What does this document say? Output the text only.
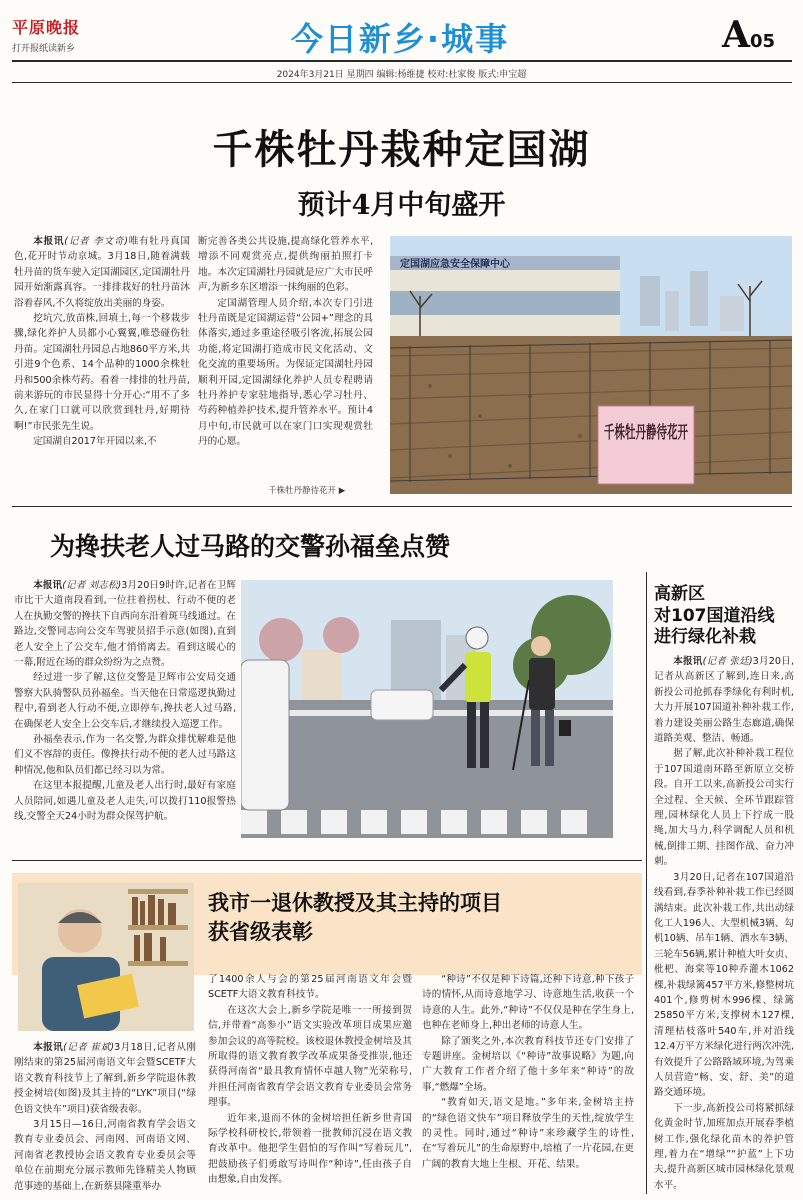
平原晚报
打开报纸读新乡	今日新乡·城事	A05
2024年3月21日 星期四 编辑:杨维捷 校对:杜家俊 版式:申宝超
千株牡丹栽种定国湖
预计4月中旬盛开

本报讯(记者 李文奇)唯有牡丹真国色,花开时节动京城。3月18日,随着满载牡丹苗的货车驶入定国湖园区,定国湖牡丹园开始渐露真容。一排排栽好的牡丹苗沐浴着春风,不久将绽放出美丽的身姿。

挖坑穴,放苗株,回填土,每一个移栽步骤,绿化养护人员都小心翼翼,唯恐碰伤牡丹苗。定国湖牡丹园总占地860平方米,共引进9个色系、14个品种的1000余株牡丹和500余株芍药。看着一排排的牡丹苗,前来游玩的市民显得十分开心:“用不了多久,在家门口就可以欣赏到牡丹,好期待啊!”市民张先生说。

定国湖自2017年开园以来,不

断完善各类公共设施,提高绿化管养水平,增添不同观赏亮点,提供绚丽拍照打卡地。本次定国湖牡丹园就是应广大市民呼声,为新乡东区增添一抹绚丽的色彩。

定国湖管理人员介绍,本次专门引进牡丹苗既是定国湖运营“公园+”理念的具体落实,通过多重途径吸引客流,拓展公园功能,将定国湖打造成市民文化活动、文化交流的重要场所。为保证定国湖牡丹园顺利开园,定国湖绿化养护人员专程聘请牡丹养护专家驻地指导,悉心学习牡丹、芍药种植养护技术,提升管养水平。预计4月中旬,市民就可以在家门口实现观赏牡丹的心愿。

定国湖应急安全保障中心
千株牡丹静待花开
千株牡丹静待花开 ▶
为搀扶老人过马路的交警孙福垒点赞

本报讯(记者 刘志松)3月20日9时许,记者在卫辉市比干大道南段看到,一位拄着拐杖、行动不便的老人在执勤交警的搀扶下自西向东沿着斑马线通过。在路边,交警同志向公交车驾驶员招手示意(如图),直到老人安全上了公交车,他才悄悄离去。看到这暖心的一幕,附近在场的群众纷纷为之点赞。

经过进一步了解,这位交警是卫辉市公安局交通警察大队骑警队员孙福垒。当天他在日常巡逻执勤过程中,看到老人行动不便,立即停车,搀扶老人过马路,在确保老人安全上公交车后,才继续投入巡逻工作。

孙福垒表示,作为一名交警,为群众排忧解难是他们义不容辞的责任。像搀扶行动不便的老人过马路这种情况,他和队员们都已经习以为常。

在这里本报提醒,儿童及老人出行时,最好有家庭人员陪同,如遇儿童及老人走失,可以拨打110报警热线,交警全天24小时为群众保驾护航。

高新区
对107国道沿线
进行绿化补栽

本报讯(记者 张廷)3月20日,记者从高新区了解到,连日来,高新投公司抢抓春季绿化有利时机,大力开展107国道补种补栽工作,着力建设美丽公路生态廊道,确保道路美观、整洁、畅通。

据了解,此次补种补栽工程位于107国道南环路至新原立交桥段。自开工以来,高新投公司实行全过程、全天候、全环节跟踪管理,园林绿化人员上下拧成一股绳,加大马力,科学调配人员和机械,倒排工期、挂图作战、奋力冲刺。

3月20日,记者在107国道沿线看到,春季补种补栽工作已经圆满结束。此次补栽工作,共出动绿化工人196人、大型机械3辆、勾机10辆、吊车1辆、洒水车3辆、三轮车56辆,累计种植大叶女贞、枇杷、海棠等10种乔灌木1062棵,补栽绿篱457平方米,修整树坑401个,修剪树木996棵、绿篱25850平方米,支撑树木127棵,清理枯枝落叶540车,并对沿线12.4万平方米绿化进行两次冲洗,有效提升了公路路域环境,为驾乘人员营造“畅、安、舒、美”的道路交通环境。

下一步,高新投公司将紧抓绿化黄金时节,加班加点开展春季植树工作,强化绿化苗木的养护管理,着力在“增绿”“护蓝”上下功夫,提升高新区城市园林绿化景观水平。

我市一退休教授及其主持的项目
获省级表彰

本报讯(记者 崔斌)3月18日,记者从刚刚结束的第25届河南语文年会暨SCETF大语文教育科技节上了解到,新乡学院退休教授金树培(如图)及其主持的“LYK”项目(“绿色语文快车”项目)获省级表彰。

3月15日—16日,河南省教育学会语文教育专业委员会、河南网、河南语文网、河南省老教授协会语文教育专业委员会等单位在前期充分展示教师先锋精美人物顾范事迹的基础上,在新蔡县隆重举办

了1400余人与会的第25届河南语文年会暨SCETF大语文教育科技节。

在这次大会上,新乡学院是唯一一所接到贺信,并带着“高参小”语文实验改革项目成果应邀参加会议的高等院校。该校退休教授金树培及其所取得的语文教育教学改革成果备受推崇,他还获得河南省“最具教育情怀卓越人物”光荣称号,并担任河南省教育学会语文教育专业委员会常务理事。

近年来,退而不休的金树培担任新乡世青国际学校科研校长,带领着一批教师沉浸在语文教育改革中。他把学生倡怕的写作叫“写着玩儿”,把鼓励孩子们勇敢写诗叫作“种诗”,任由孩子自由想象,自由发挥。

“种诗”不仅是种下诗篇,还种下诗意,种下孩子诗的情怀,从而诗意地学习、诗意地生活,收获一个诗意的人生。此外,“种诗”不仅仅是种在学生身上,也种在老师身上,种出老师的诗意人生。

除了颁奖之外,本次教育科技节还专门安排了专题讲座。金树培以《“种诗”故事说略》为题,向广大教育工作者介绍了他十多年来“种诗”的故事,“燃爆”全场。

“教育如天,语文是地。”多年来,金树培主持的“绿色语文快车”项目释放学生的天性,绽放学生的灵性。同时,通过“种诗”来珍藏学生的诗性,在“写着玩儿”的生命原野中,培植了一片花园,在更广阔的教育大地上生根、开花、结果。
